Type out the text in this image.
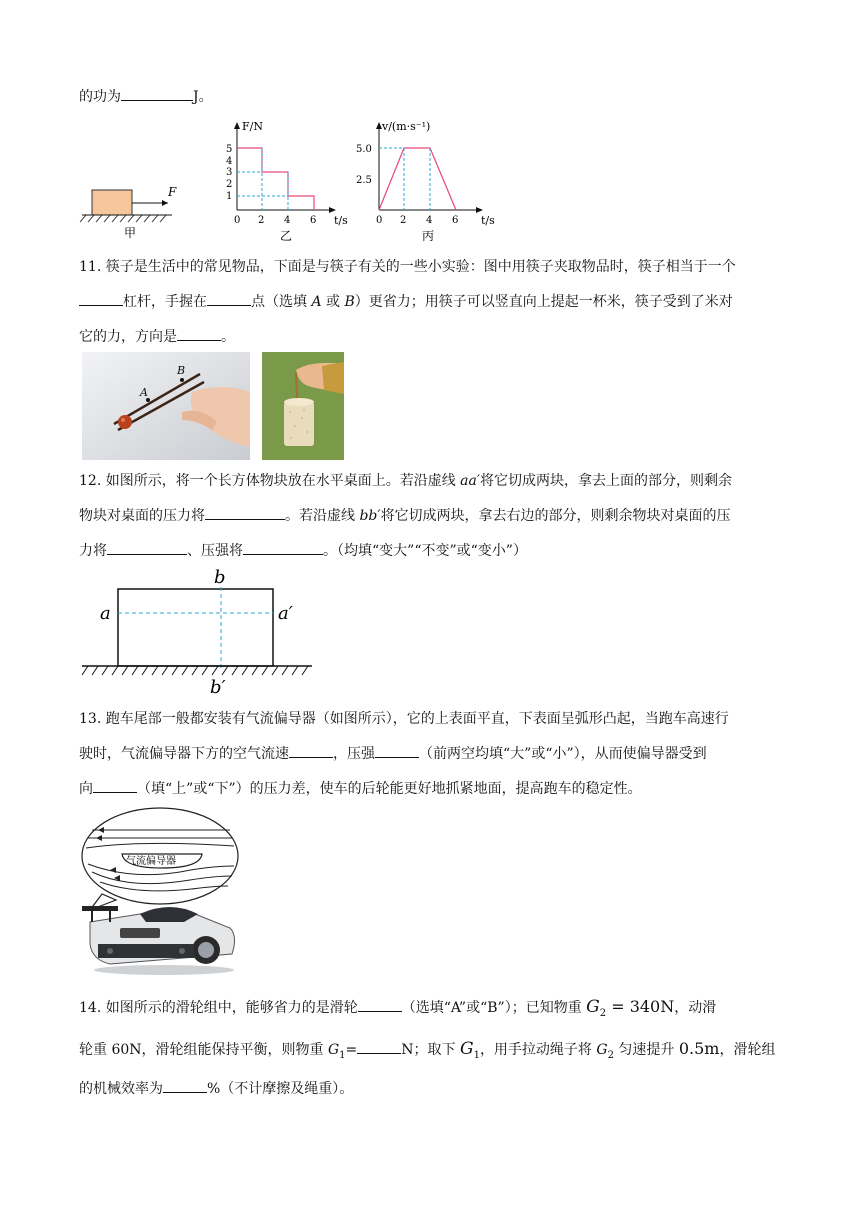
的功为	J。
F
甲
F/N
t/s
5
4
3
2
1
0 2 4 6
乙
v/(m·s⁻¹)
t/s
5.0
2.5
0 2 4 6
丙
11. 筷子是生活中的常见物品，下面是与筷子有关的一些小实验：图中用筷子夹取物品时，筷子相当于一个
杠杆，手握在	点（选填 A 或 B）更省力；用筷子可以竖直向上提起一杯米，筷子受到了米对
它的力，方向是	。
A
B
12. 如图所示，将一个长方体物块放在水平桌面上。若沿虚线 aa′将它切成两块，拿去上面的部分，则剩余
物块对桌面的压力将	。若沿虚线 bb′将它切成两块，拿去右边的部分，则剩余物块对桌面的压
力将	、压强将	。（均填“变大”“不变”或“变小”）
a	a′
b
b′
13. 跑车尾部一般都安装有气流偏导器（如图所示），它的上表面平直，下表面呈弧形凸起，当跑车高速行
驶时，气流偏导器下方的空气流速	，压强	（前两空均填“大”或“小”），从而使偏导器受到
向	（填“上”或“下”）的压力差，使车的后轮能更好地抓紧地面，提高跑车的稳定性。
气流偏导器
14. 如图所示的滑轮组中，能够省力的是滑轮	（选填“A”或“B”）；已知物重 $G_2 = 340N$，动滑
轮重 60N，滑轮组能保持平衡，则物重 $G_1=$	N；取下 $G_1$，用手拉动绳子将 $G_2$ 匀速提升 0.5m，滑轮组
的机械效率为	%（不计摩擦及绳重）。
